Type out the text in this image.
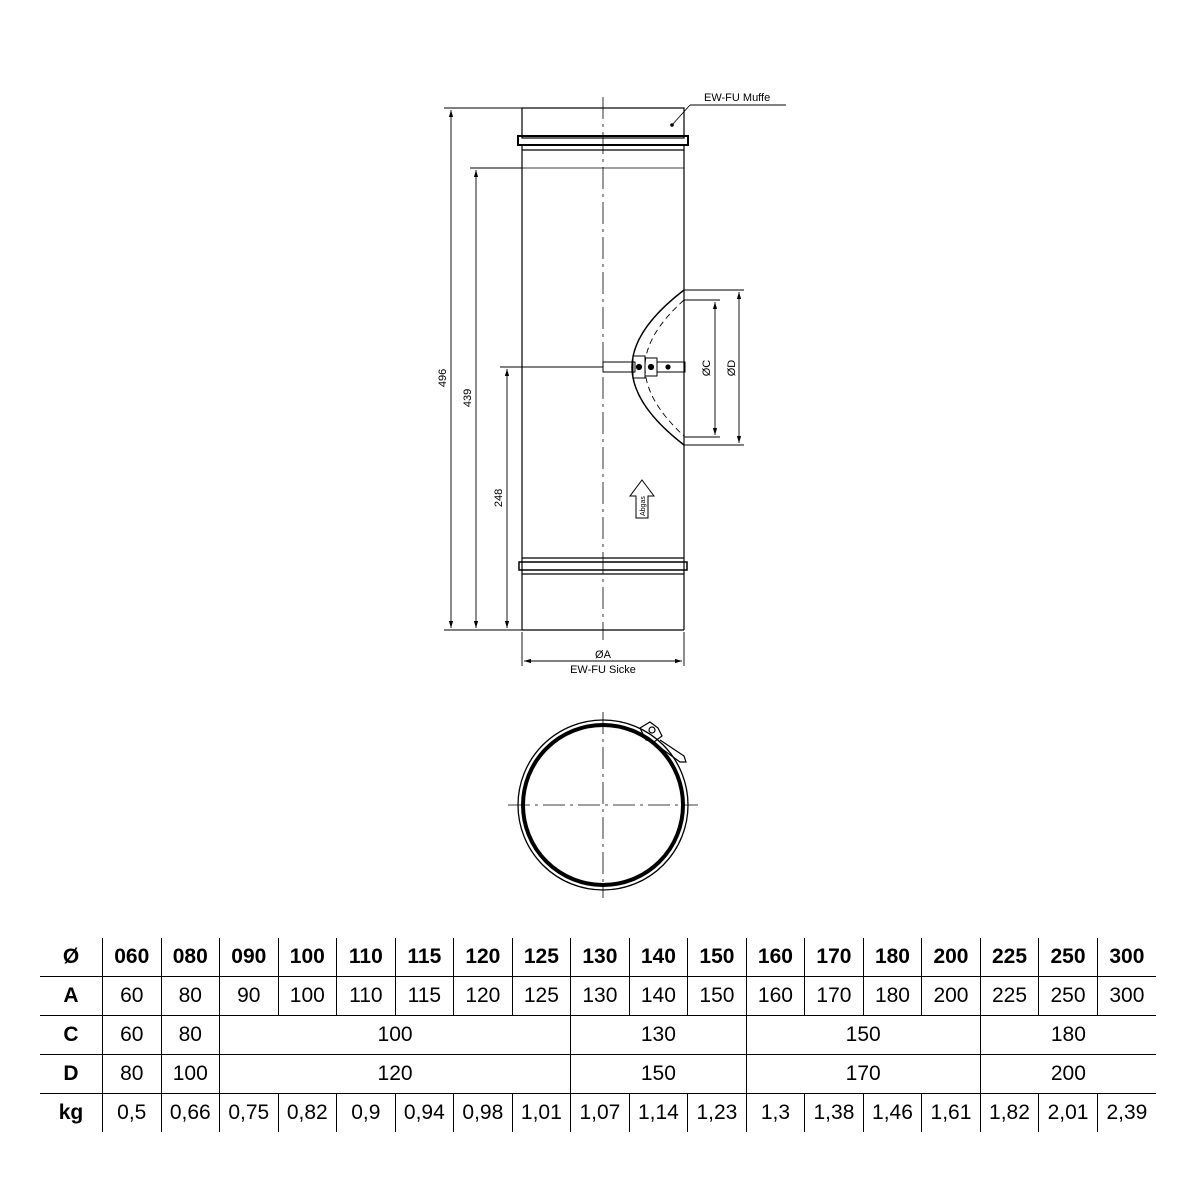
Abgas
496
439
248
ØC ØD
ØA
EW-FU Sicke
EW-FU Muffe
Ø	060	080	090	100	110	115	120	125	130	140	150	160	170	180	200	225	250	300
A	60	80	90	100	110	115	120	125	130	140	150	160	170	180	200	225	250	300
C	60	80	100						130			150				180		
D	80	100	120						150			170				200		
kg	0,5	0,66	0,75	0,82	0,9	0,94	0,98	1,01	1,07	1,14	1,23	1,3	1,38	1,46	1,61	1,82	2,01	2,39
